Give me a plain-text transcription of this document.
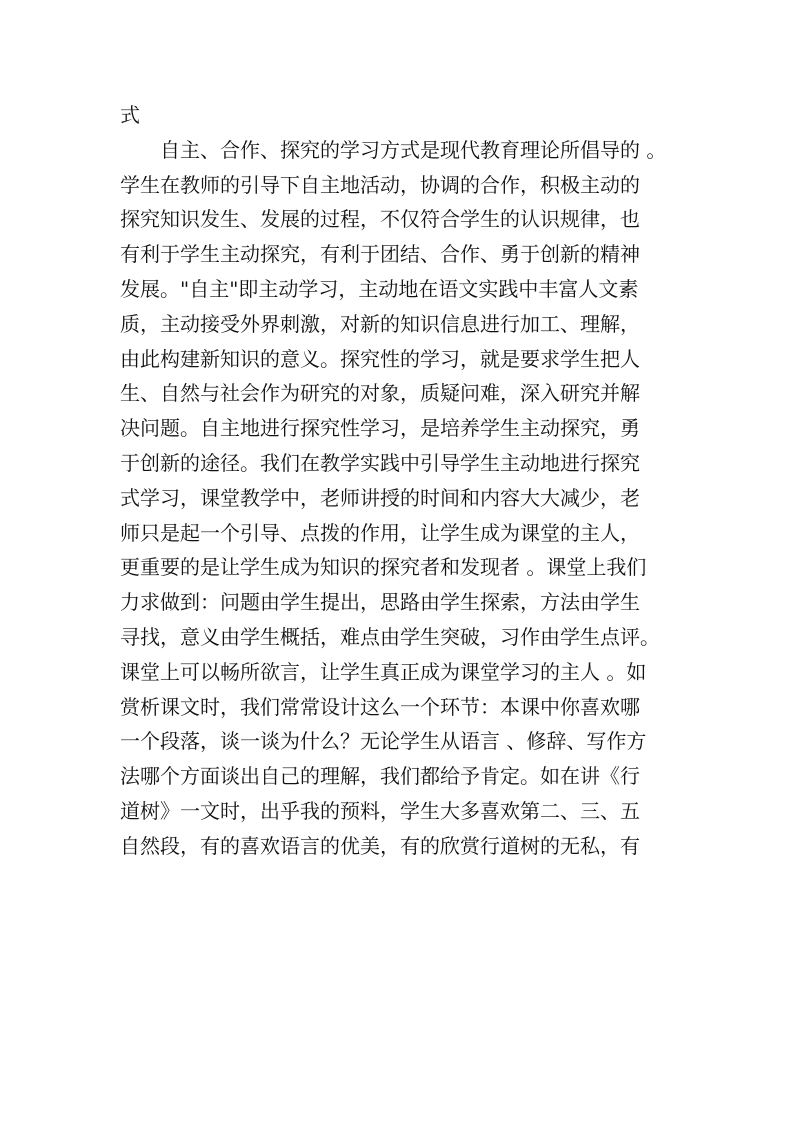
式
自主、合作、探究的学习方式是现代教育理论所倡导的 。
学生在教师的引导下自主地活动，协调的合作，积极主动的
探究知识发生、发展的过程，不仅符合学生的认识规律，也
有利于学生主动探究，有利于团结、合作、勇于创新的精神
发展。"自主"即主动学习，主动地在语文实践中丰富人文素
质，主动接受外界刺激，对新的知识信息进行加工、理解，
由此构建新知识的意义。探究性的学习，就是要求学生把人
生、自然与社会作为研究的对象，质疑问难，深入研究并解
决问题。自主地进行探究性学习，是培养学生主动探究，勇
于创新的途径。我们在教学实践中引导学生主动地进行探究
式学习，课堂教学中，老师讲授的时间和内容大大减少，老
师只是起一个引导、点拨的作用，让学生成为课堂的主人，
更重要的是让学生成为知识的探究者和发现者 。课堂上我们
力求做到：问题由学生提出，思路由学生探索，方法由学生
寻找，意义由学生概括，难点由学生突破，习作由学生点评。
课堂上可以畅所欲言，让学生真正成为课堂学习的主人 。如
赏析课文时，我们常常设计这么一个环节：本课中你喜欢哪
一个段落，谈一谈为什么？无论学生从语言 、修辞、写作方
法哪个方面谈出自己的理解，我们都给予肯定。如在讲《行
道树》一文时，出乎我的预料，学生大多喜欢第二、三、五
自然段，有的喜欢语言的优美，有的欣赏行道树的无私，有
